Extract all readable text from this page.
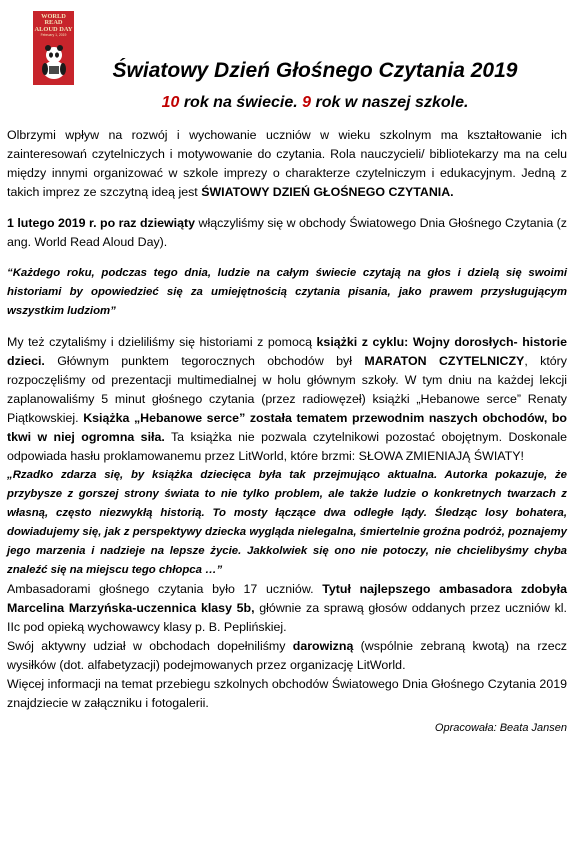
WORLD READ
ALOUD DAY
February 1, 2019
Światowy Dzień Głośnego Czytania 2019
10 rok na świecie. 9 rok w naszej szkole.

Olbrzymi wpływ na rozwój i wychowanie uczniów w wieku szkolnym ma kształtowanie ich zainteresowań czytelniczych i motywowanie do czytania. Rola nauczycieli/ bibliotekarzy ma na celu między innymi organizować w szkole imprezy o charakterze czytelniczym i edukacyjnym. Jedną z takich imprez ze szczytną ideą jest ŚWIATOWY DZIEŃ GŁOŚNEGO CZYTANIA.

1 lutego 2019 r. po raz dziewiąty włączyliśmy się w obchody Światowego Dnia Głośnego Czytania (z ang. World Read Aloud Day).

“Każdego roku, podczas tego dnia, ludzie na całym świecie czytają na głos i dzielą się swoimi historiami by opowiedzieć się za umiejętnością czytania pisania, jako prawem przysługującym wszystkim ludziom”

My też czytaliśmy i dzieliliśmy się historiami z pomocą książki z cyklu: Wojny dorosłych- historie dzieci. Głównym punktem tegorocznych obchodów był MARATON CZYTELNICZY, który rozpoczęliśmy od prezentacji multimedialnej w holu głównym szkoły. W tym dniu na każdej lekcji zaplanowaliśmy 5 minut głośnego czytania (przez radiowęzeł) książki „Hebanowe serce” Renaty Piątkowskiej. Książka „Hebanowe serce” została tematem przewodnim naszych obchodów, bo tkwi w niej ogromna siła. Ta książka nie pozwala czytelnikowi pozostać obojętnym. Doskonale odpowiada hasłu proklamowanemu przez LitWorld, które brzmi: SŁOWA ZMIENIAJĄ ŚWIATY!

„Rzadko zdarza się, by książka dziecięca była tak przejmująco aktualna. Autorka pokazuje, że przybysze z gorszej strony świata to nie tylko problem, ale także ludzie o konkretnych twarzach z własną, często niezwykłą historią. To mosty łączące dwa odległe lądy. Śledząc losy bohatera, dowiadujemy się, jak z perspektywy dziecka wygląda nielegalna, śmiertelnie groźna podróż, poznajemy jego marzenia i nadzieje na lepsze życie. Jakkolwiek się ono nie potoczy, nie chcielibyśmy chyba znaleźć się na miejscu tego chłopca …”

Ambasadorami głośnego czytania było 17 uczniów. Tytuł najlepszego ambasadora zdobyła Marcelina Marzyńska-uczennica klasy 5b, głównie za sprawą głosów oddanych przez uczniów kl. IIc pod opieką wychowawcy klasy p. B. Peplińskiej.

Swój aktywny udział w obchodach dopełniliśmy darowizną (wspólnie zebraną kwotą) na rzecz wysiłków (dot. alfabetyzacji) podejmowanych przez organizację LitWorld.

Więcej informacji na temat przebiegu szkolnych obchodów Światowego Dnia Głośnego Czytania 2019 znajdziecie w załączniku i fotogalerii.

Opracowała: Beata Jansen
